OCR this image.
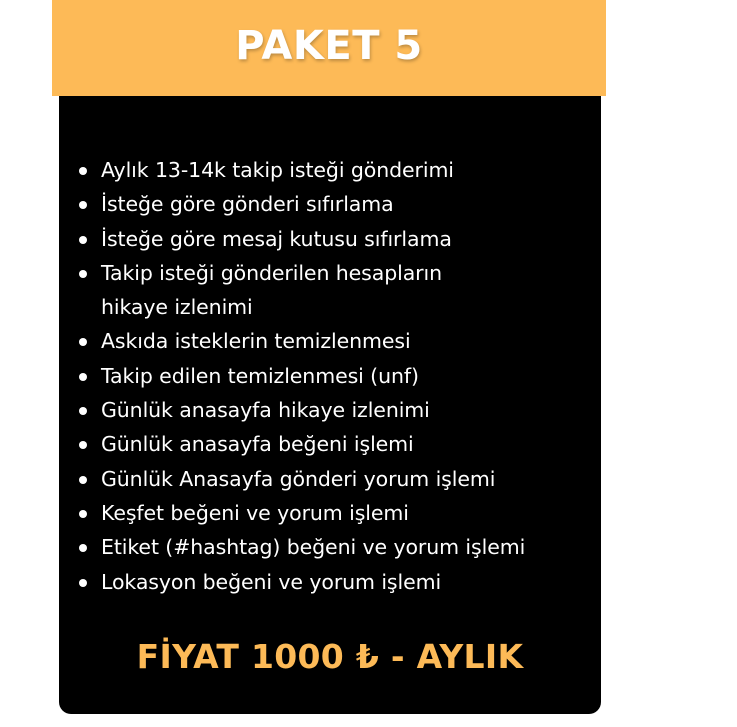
PAKET 5
Aylık 13-14k takip isteği gönderimi
İsteğe göre gönderi sıfırlama
İsteğe göre mesaj kutusu sıfırlama
Takip isteği gönderilen hesapların
hikaye izlenimi
Askıda isteklerin temizlenmesi
Takip edilen temizlenmesi (unf)
Günlük anasayfa hikaye izlenimi
Günlük anasayfa beğeni işlemi
Günlük Anasayfa gönderi yorum işlemi
Keşfet beğeni ve yorum işlemi
Etiket (#hashtag) beğeni ve yorum işlemi
Lokasyon beğeni ve yorum işlemi
FİYAT 1000 ₺ - AYLIK
